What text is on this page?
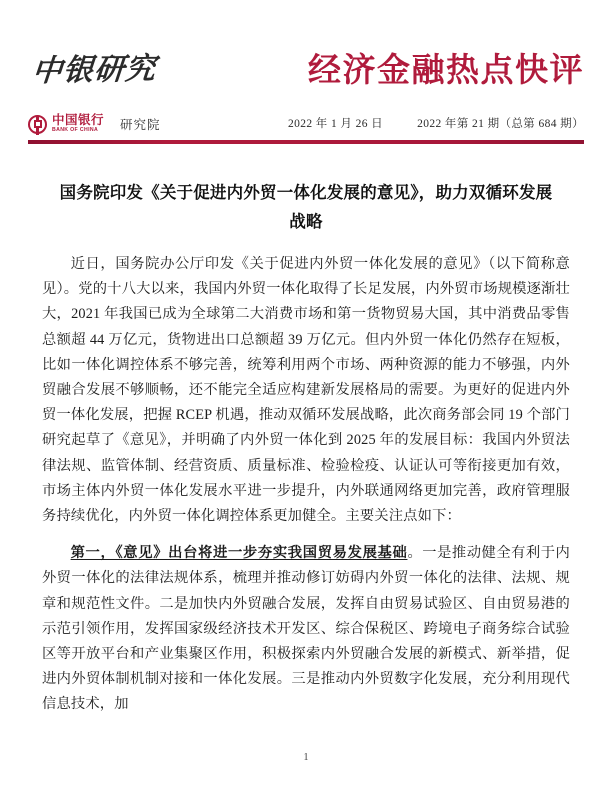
中银研究	经济金融热点快评
中国银行
BANK OF CHINA	研究院	2022 年 1 月 26 日	2022 年第 21 期（总第 684 期）
国务院印发《关于促进内外贸一体化发展的意见》，助力双循环发展战略

近日，国务院办公厅印发《关于促进内外贸一体化发展的意见》（以下简称意见）。党的十八大以来，我国内外贸一体化取得了长足发展，内外贸市场规模逐渐壮大，2021 年我国已成为全球第二大消费市场和第一货物贸易大国，其中消费品零售总额超 44 万亿元，货物进出口总额超 39 万亿元。但内外贸一体化仍然存在短板，比如一体化调控体系不够完善，统筹利用两个市场、两种资源的能力不够强，内外贸融合发展不够顺畅，还不能完全适应构建新发展格局的需要。为更好的促进内外贸一体化发展，把握 RCEP 机遇，推动双循环发展战略，此次商务部会同 19 个部门研究起草了《意见》，并明确了内外贸一体化到 2025 年的发展目标：我国内外贸法律法规、监管体制、经营资质、质量标准、检验检疫、认证认可等衔接更加有效，市场主体内外贸一体化发展水平进一步提升，内外联通网络更加完善，政府管理服务持续优化，内外贸一体化调控体系更加健全。主要关注点如下：

第一，《意见》出台将进一步夯实我国贸易发展基础。一是推动健全有利于内外贸一体化的法律法规体系，梳理并推动修订妨碍内外贸一体化的法律、法规、规章和规范性文件。二是加快内外贸融合发展，发挥自由贸易试验区、自由贸易港的示范引领作用，发挥国家级经济技术开发区、综合保税区、跨境电子商务综合试验区等开放平台和产业集聚区作用，积极探索内外贸融合发展的新模式、新举措，促进内外贸体制机制对接和一体化发展。三是推动内外贸数字化发展，充分利用现代信息技术，加

1
